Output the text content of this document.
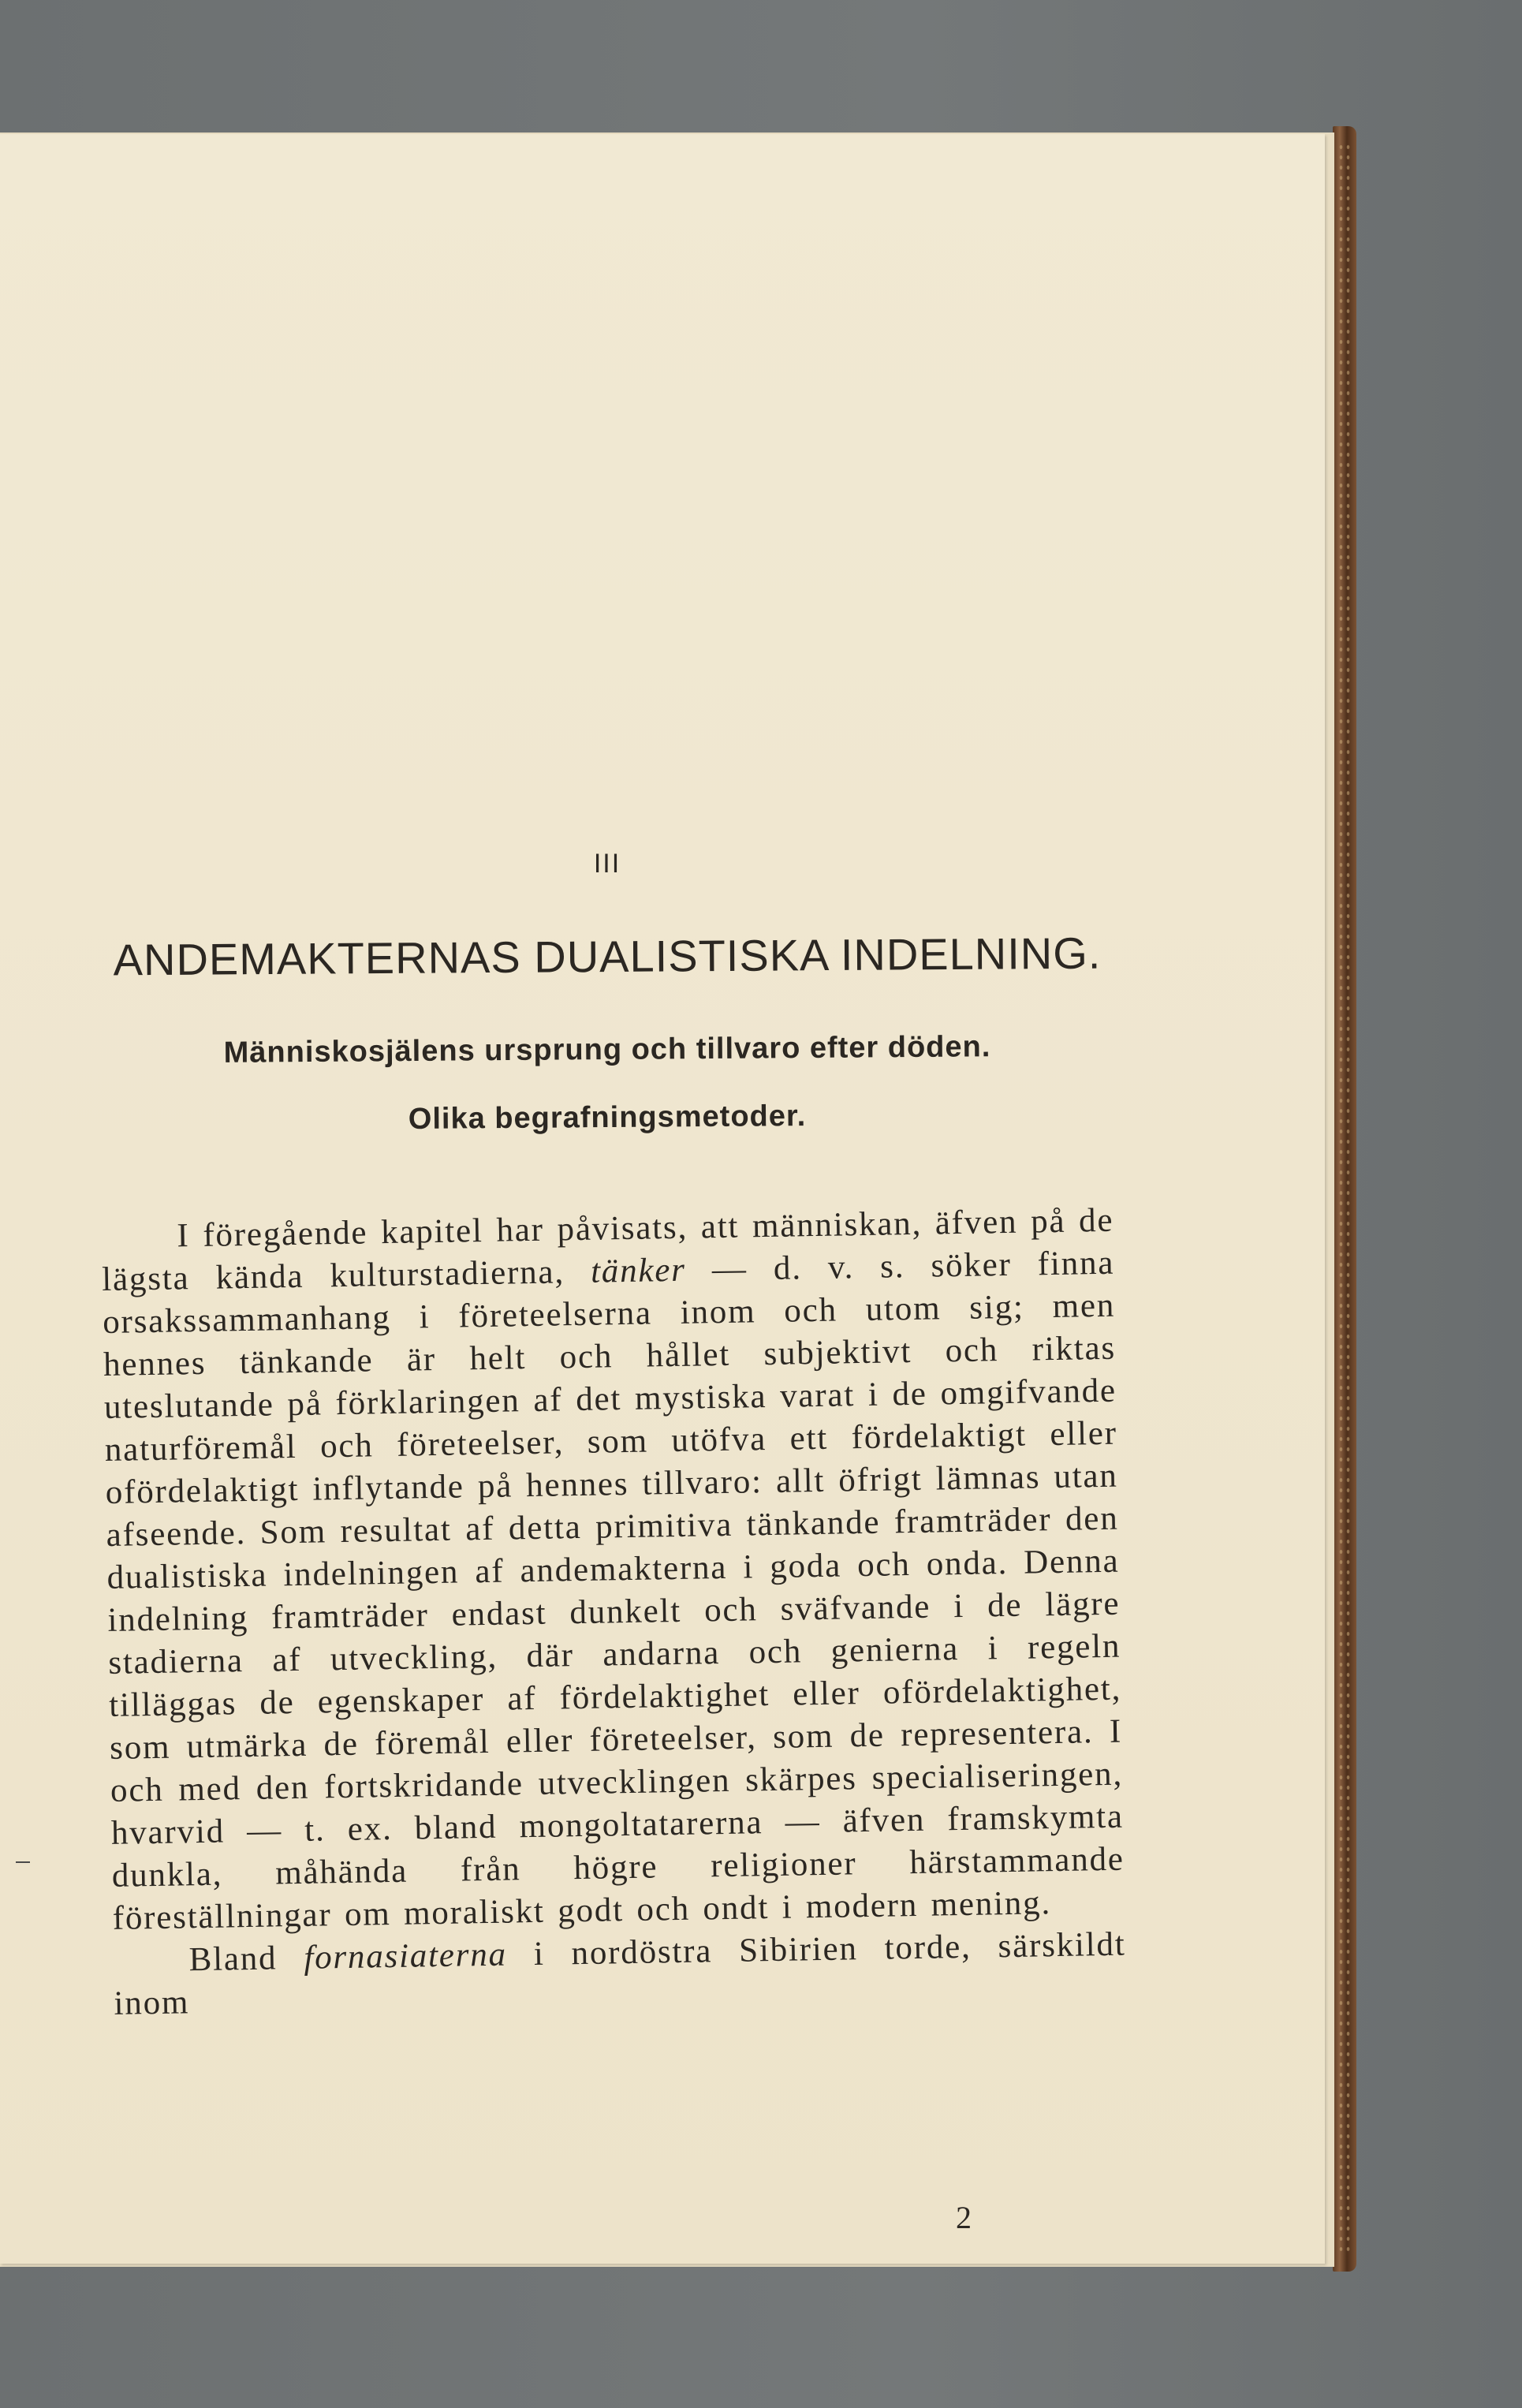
III
ANDEMAKTERNAS DUALISTISKA INDELNING.
Människosjälens ursprung och tillvaro efter döden.
Olika begrafningsmetoder.

I föregående kapitel har påvisats, att människan, äfven på de lägsta kända kulturstadierna, tänker — d. v. s. söker finna orsakssammanhang i företeelserna inom och utom sig; men hennes tänkande är helt och hållet subjektivt och riktas uteslutande på förklaringen af det mystiska varat i de omgifvande naturföremål och företeelser, som utöfva ett fördelaktigt eller ofördelaktigt inflytande på hennes tillvaro: allt öfrigt lämnas utan afseende. Som resultat af detta primitiva tänkande framträder den dualistiska indelningen af andemakterna i goda och onda. Denna indelning framträder endast dunkelt och sväfvande i de lägre stadierna af utveckling, där andarna och genierna i regeln tilläggas de egenskaper af fördelaktighet eller ofördelaktighet, som utmärka de föremål eller företeelser, som de representera. I och med den fortskridande utvecklingen skärpes specialiseringen, hvarvid — t. ex. bland mongoltatarerna — äfven framskymta dunkla, måhända från högre religioner härstammande föreställningar om moraliskt godt och ondt i modern mening.

Bland fornasiaterna i nordöstra Sibirien torde, särskildt inom

2
